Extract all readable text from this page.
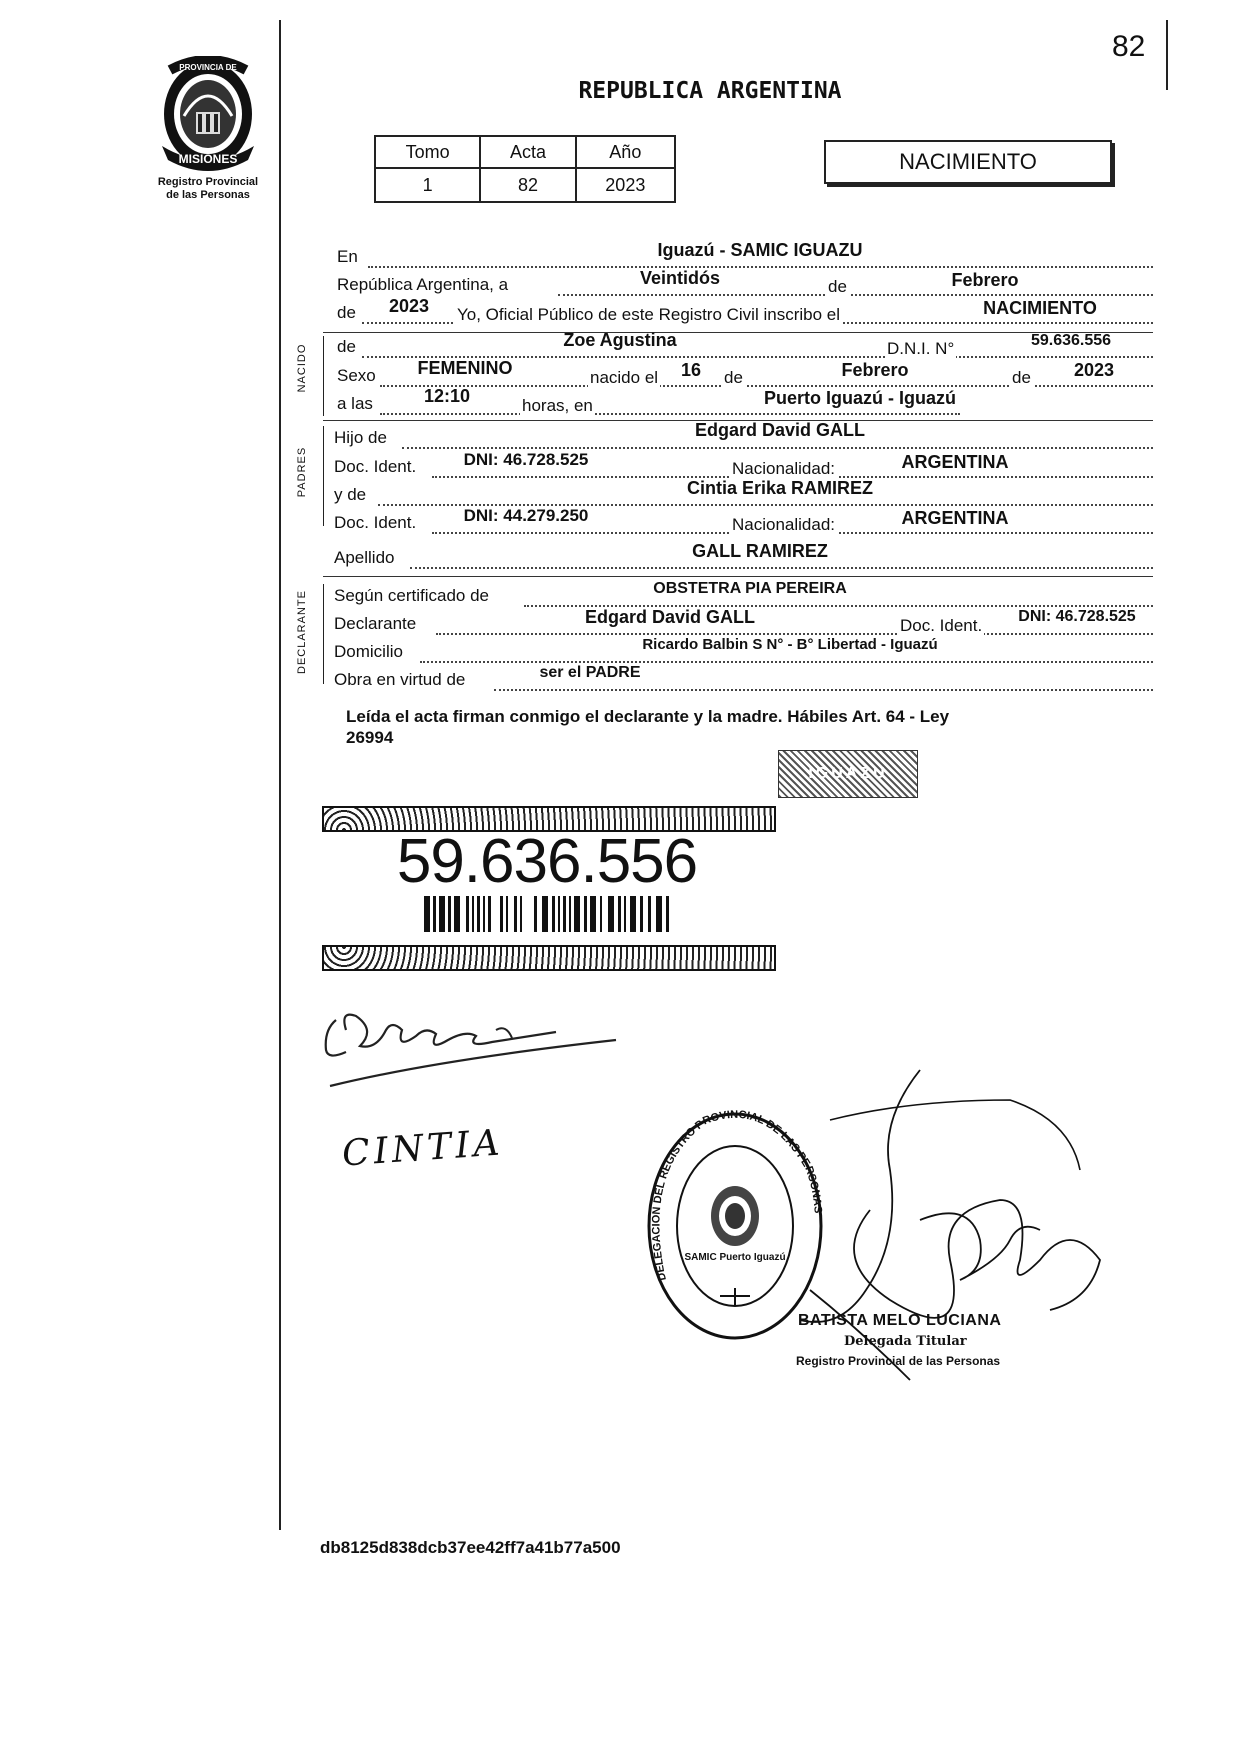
82
MISIONES
PROVINCIA DE
Registro Provincial
de las Personas
REPUBLICA ARGENTINA
Tomo	Acta	Año
1	82	2023
NACIMIENTO
En	Iguazú - SAMIC IGUAZU
República Argentina, a	Veintidós	de	Febrero
de	2023	Yo, Oficial Público de este Registro Civil inscribo el	NACIMIENTO
NACIDO de	Zoe Agustina	D.N.I. N°	59.636.556
Sexo	FEMENINO	nacido el 16 de	Febrero	de	2023
a las	12:10	horas, en	Puerto Iguazú - Iguazú
PADRES
Hijo de	Edgard David GALL
Doc. Ident.	DNI: 46.728.525	Nacionalidad:	ARGENTINA
y de	Cintia Erika RAMIREZ
Doc. Ident.	DNI: 44.279.250	Nacionalidad:	ARGENTINA
Apellido	GALL RAMIREZ
DECLARANTE Según certificado de	OBSTETRA PIA PEREIRA
Declarante	Edgard David GALL	Doc. Ident.	DNI: 46.728.525
Domicilio	Ricardo Balbin S N° - B° Libertad - Iguazú
Obra en virtud de	ser el PADRE
Leída el acta firman conmigo el declarante y la madre. Hábiles Art. 64 - Ley
26994
IGUAZU
59.636.556
CINTIA
DELEGACION DEL REGISTRO PROVINCIAL DE LAS PERSONAS
SAMIC Puerto Iguazú
BATISTA MELO LUCIANA
Delegada Titular
Registro Provincial de las Personas
db8125d838dcb37ee42ff7a41b77a500
